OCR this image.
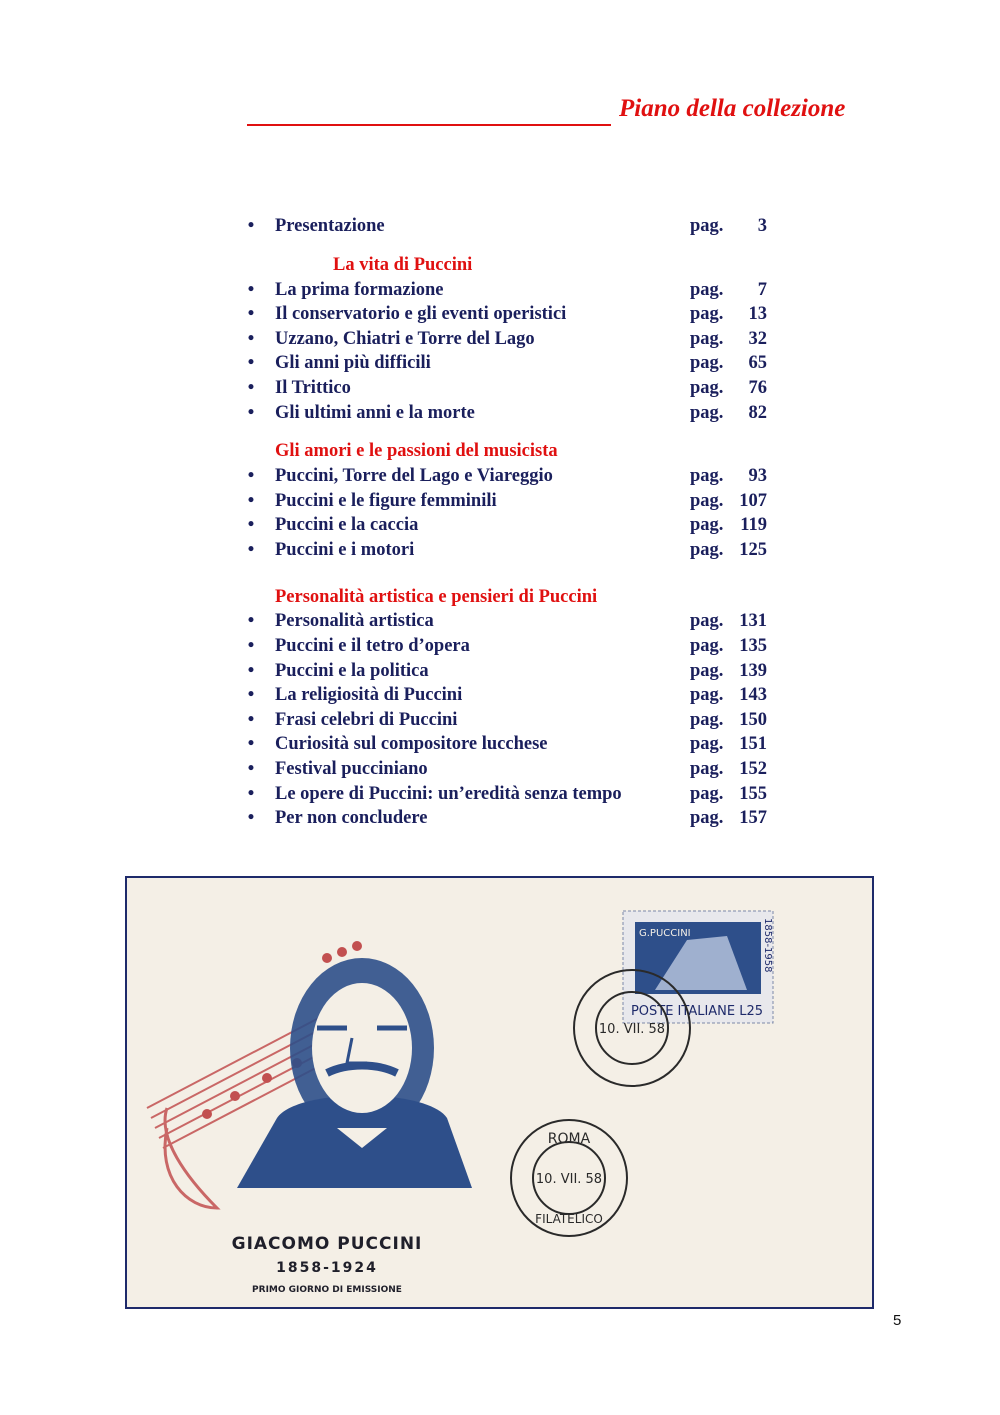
Piano della collezione
• Presentazione	pag.	3
La vita di Puccini
• La prima formazione	pag.	7
• Il conservatorio e gli eventi operistici	pag.	13
• Uzzano, Chiatri e Torre del Lago	pag.	32
• Gli anni più difficili	pag.	65
• Il Trittico	pag.	76
• Gli ultimi anni e la morte	pag.	82
Gli amori e le passioni del musicista
• Puccini, Torre del Lago e Viareggio	pag.	93
• Puccini e le figure femminili	pag. 107
• Puccini e la caccia	pag. 119
• Puccini e i motori	pag. 125
Personalità artistica e pensieri di Puccini
• Personalità artistica	pag. 131
• Puccini e il tetro d’opera	pag. 135
• Puccini e la politica	pag. 139
• La religiosità di Puccini	pag. 143
• Frasi celebri di Puccini	pag. 150
• Curiosità sul compositore lucchese	pag. 151
• Festival pucciniano	pag. 152
• Le opere di Puccini: un’eredità senza tempo	pag. 155
• Per non concludere	pag. 157
POSTE ITALIANE L25
G.PUCCINI	1858-1958
10. VII. 58
ROMA
10. VII. 58
FILATELICO
GIACOMO PUCCINI
1858-1924
PRIMO GIORNO DI EMISSIONE
5
